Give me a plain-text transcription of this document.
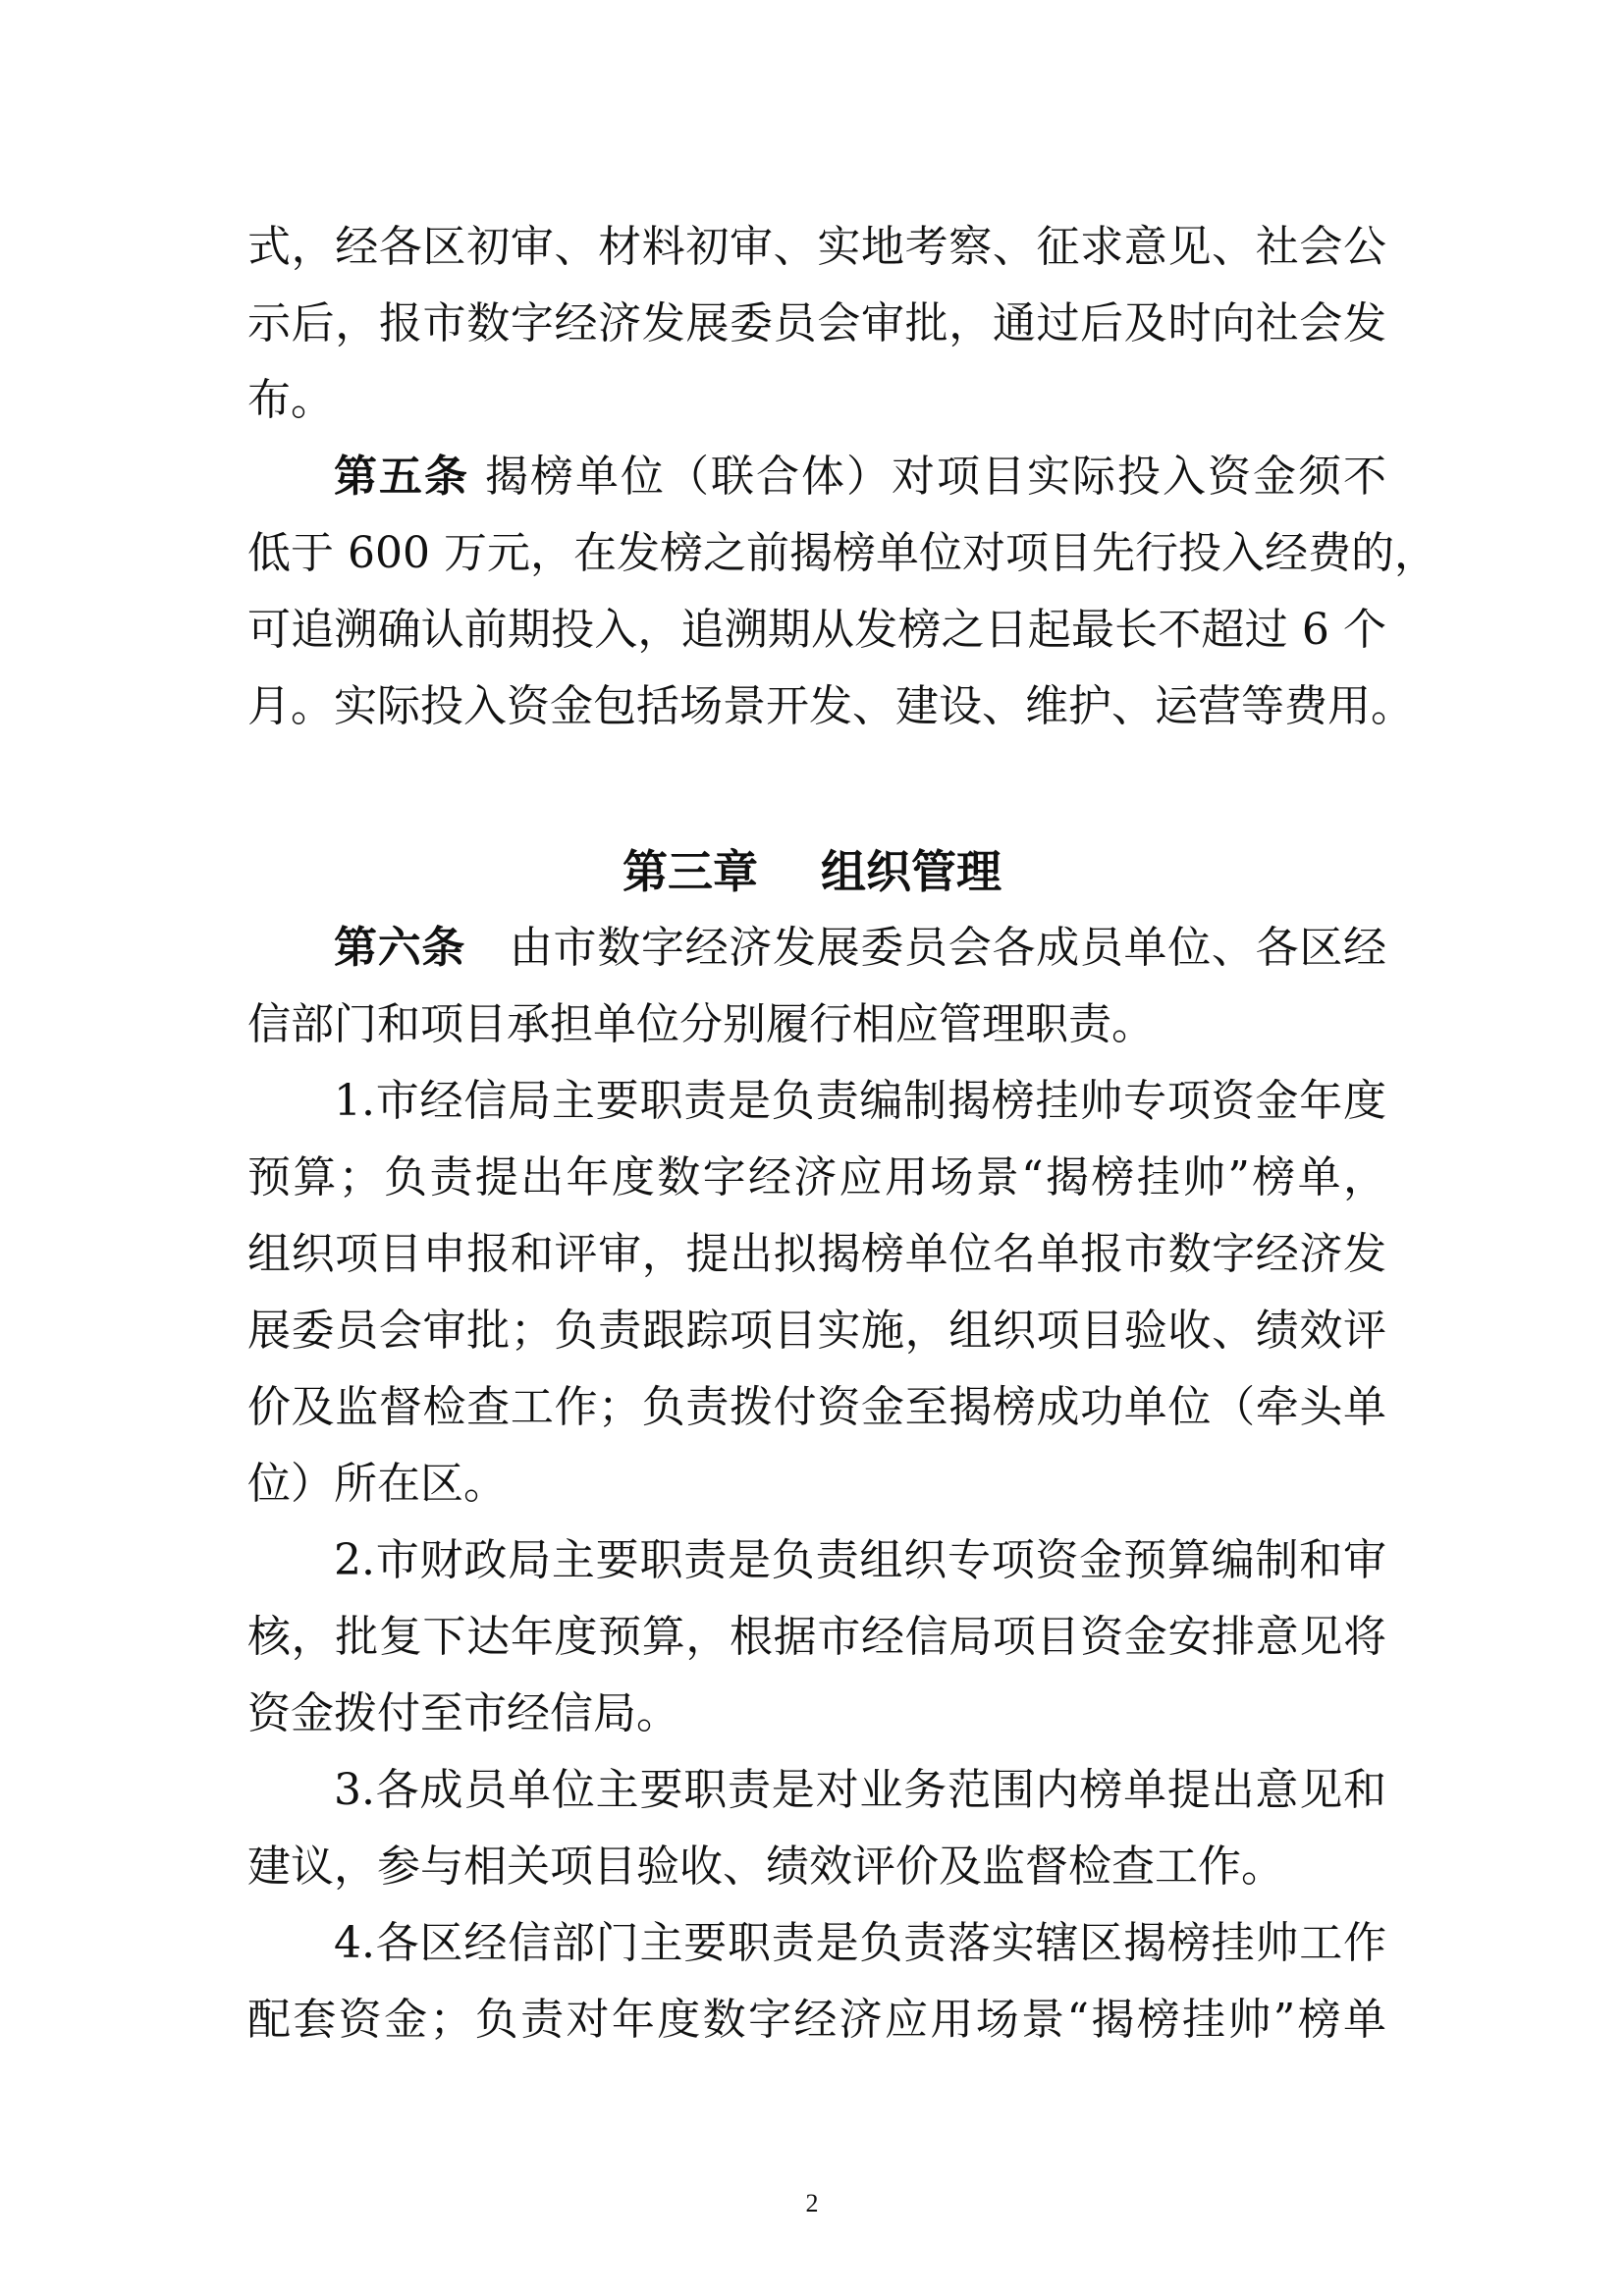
式，经各区初审、材料初审、实地考察、征求意见、社会公
示后，报市数字经济发展委员会审批，通过后及时向社会发
布。
第五条 揭榜单位（联合体）对项目实际投入资金须不
低于 600 万元，在发榜之前揭榜单位对项目先行投入经费的，
可追溯确认前期投入，追溯期从发榜之日起最长不超过 6 个
月。实际投入资金包括场景开发、建设、维护、运营等费用。
第三章    组织管理
第六条　 由市数字经济发展委员会各成员单位、各区经
信部门和项目承担单位分别履行相应管理职责。
1.市经信局主要职责是负责编制揭榜挂帅专项资金年度
预算；负责提出年度数字经济应用场景“揭榜挂帅”榜单，
组织项目申报和评审，提出拟揭榜单位名单报市数字经济发
展委员会审批；负责跟踪项目实施，组织项目验收、绩效评
价及监督检查工作；负责拨付资金至揭榜成功单位（牵头单
位）所在区。
2.市财政局主要职责是负责组织专项资金预算编制和审
核，批复下达年度预算，根据市经信局项目资金安排意见将
资金拨付至市经信局。
3.各成员单位主要职责是对业务范围内榜单提出意见和
建议，参与相关项目验收、绩效评价及监督检查工作。
4.各区经信部门主要职责是负责落实辖区揭榜挂帅工作
配套资金；负责对年度数字经济应用场景“揭榜挂帅”榜单
2
